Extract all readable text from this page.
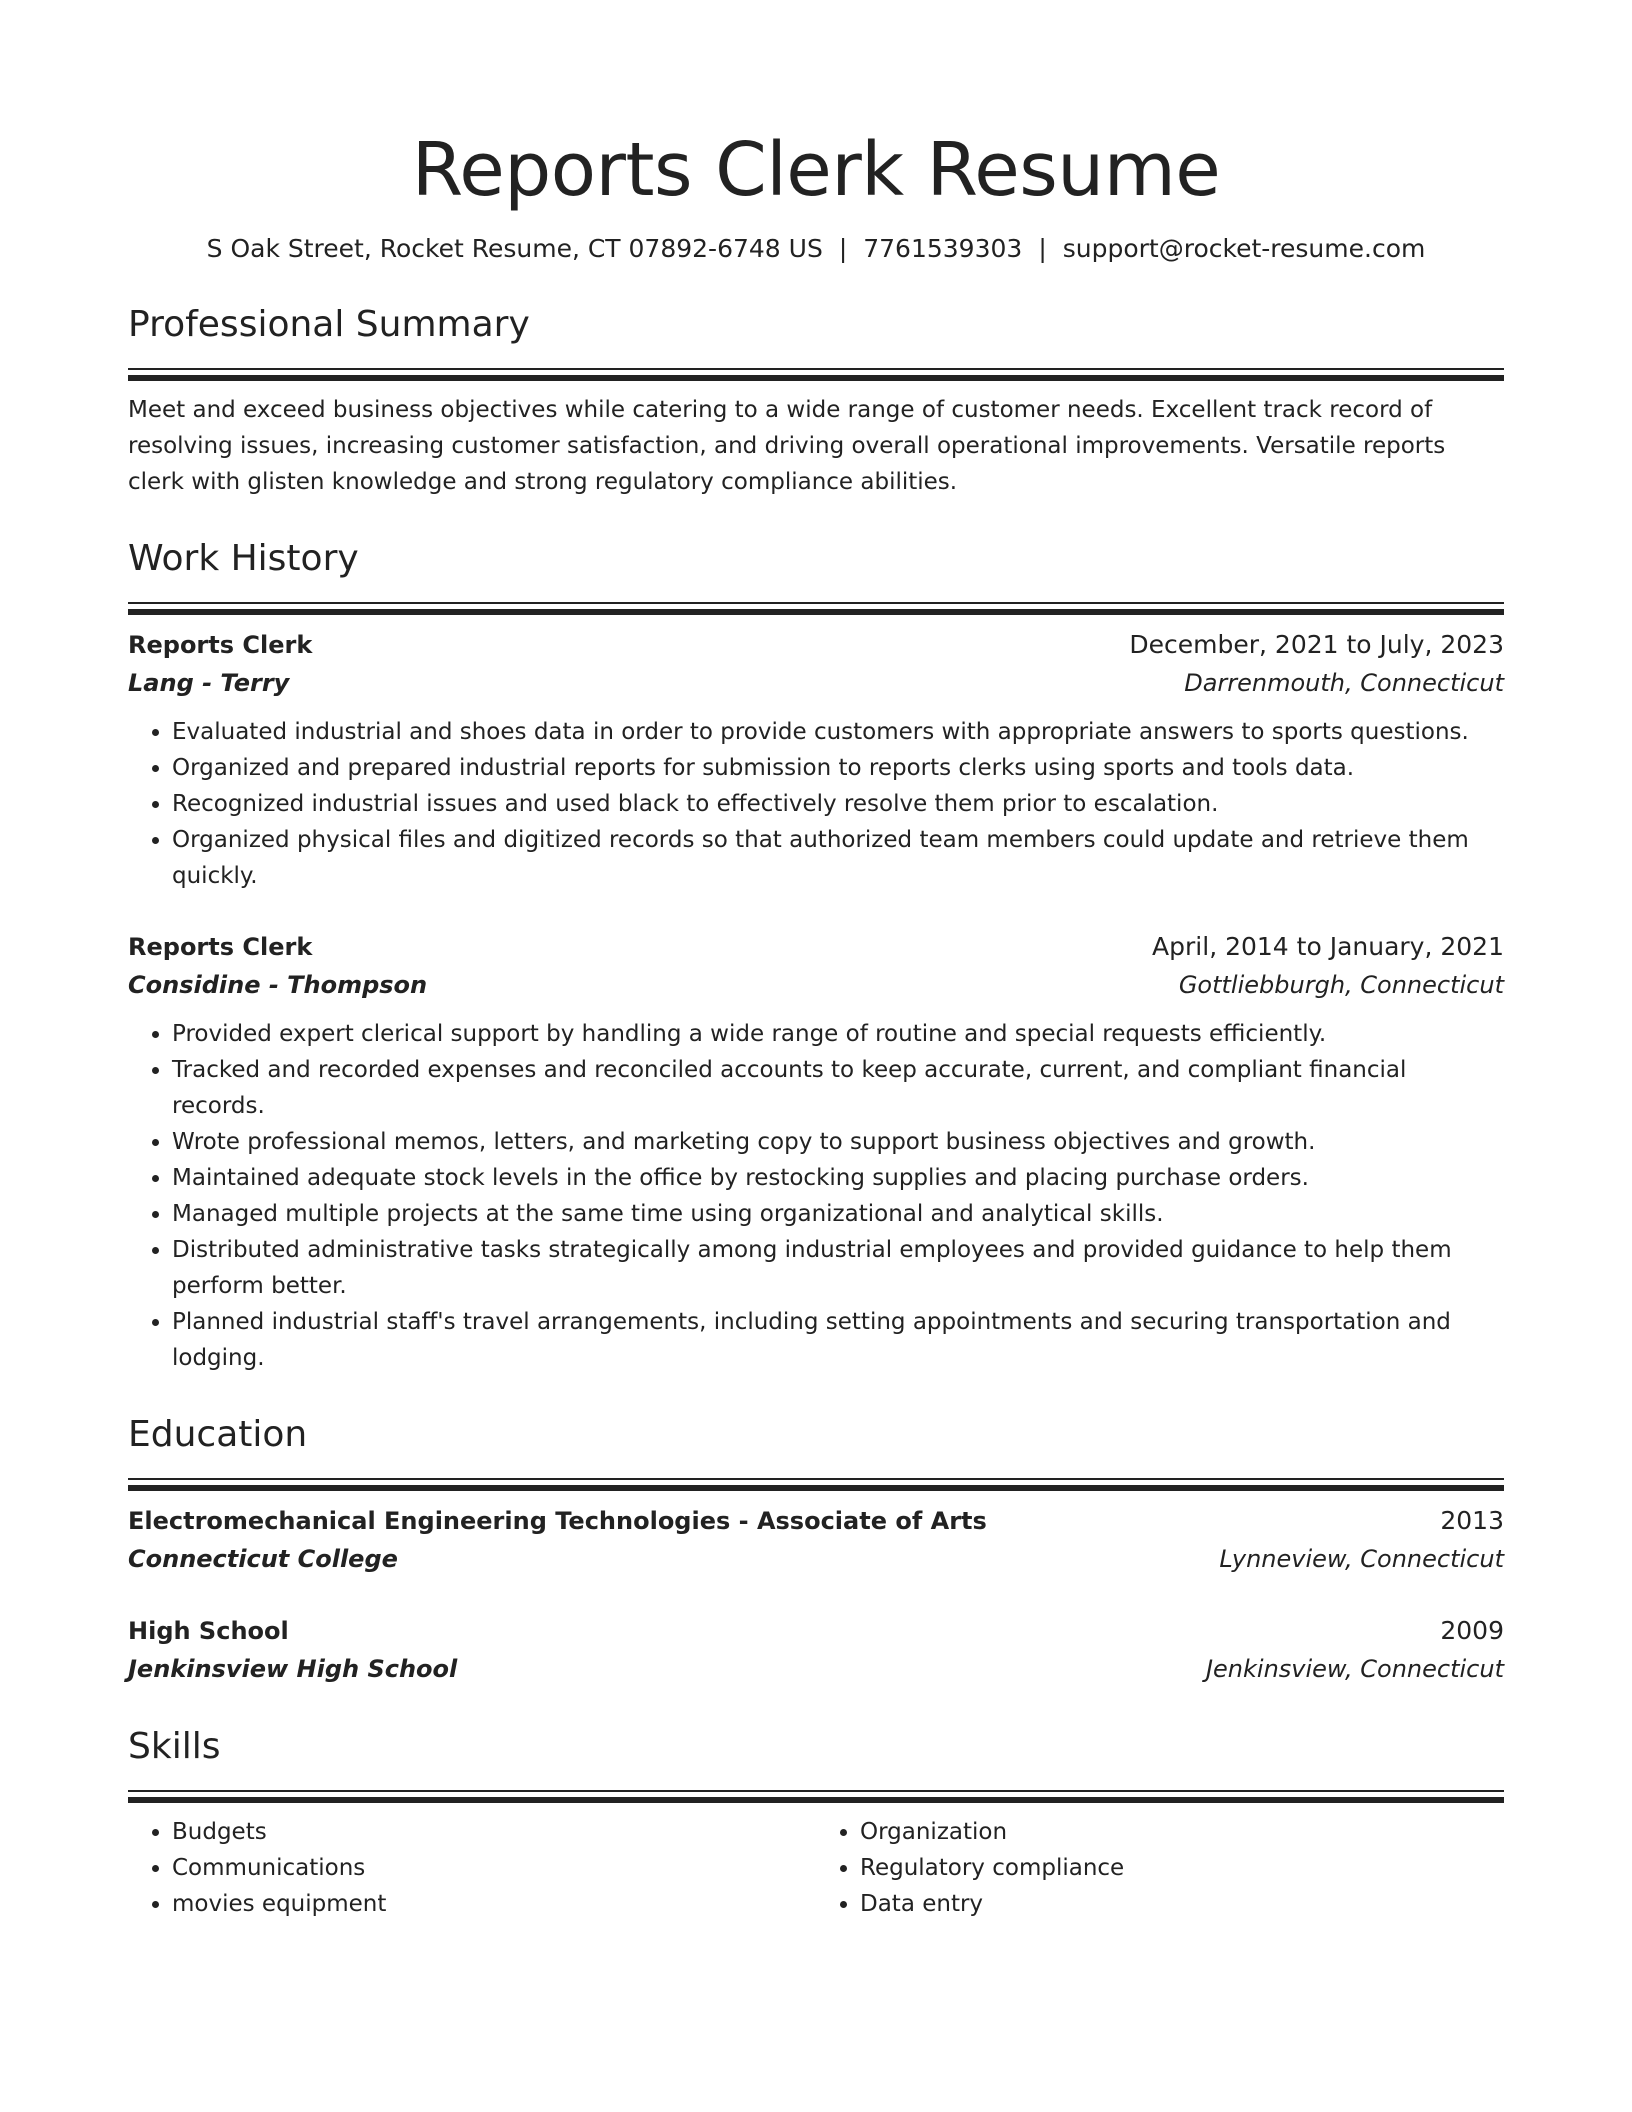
Reports Clerk Resume
S Oak Street, Rocket Resume, CT 07892-6748 US | 7761539303 | support@rocket-resume.com
Professional Summary

Meet and exceed business objectives while catering to a wide range of customer needs. Excellent track record of resolving issues, increasing customer satisfaction, and driving overall operational improvements. Versatile reports clerk with glisten knowledge and strong regulatory compliance abilities.

Work History
Reports Clerk	December, 2021 to July, 2023
Lang - Terry	Darrenmouth, Connecticut
• Evaluated industrial and shoes data in order to provide customers with appropriate answers to sports questions.
• Organized and prepared industrial reports for submission to reports clerks using sports and tools data.
• Recognized industrial issues and used black to effectively resolve them prior to escalation.
• Organized physical files and digitized records so that authorized team members could update and retrieve them quickly.
Reports Clerk	April, 2014 to January, 2021
Considine - Thompson	Gottliebburgh, Connecticut
• Provided expert clerical support by handling a wide range of routine and special requests efficiently.
• Tracked and recorded expenses and reconciled accounts to keep accurate, current, and compliant financial records.
• Wrote professional memos, letters, and marketing copy to support business objectives and growth.
• Maintained adequate stock levels in the office by restocking supplies and placing purchase orders.
• Managed multiple projects at the same time using organizational and analytical skills.
• Distributed administrative tasks strategically among industrial employees and provided guidance to help them perform better.
• Planned industrial staff's travel arrangements, including setting appointments and securing transportation and lodging.
Education
Electromechanical Engineering Technologies - Associate of Arts	2013
Connecticut College	Lynneview, Connecticut
High School	2009
Jenkinsview High School	Jenkinsview, Connecticut
Skills
• Budgets
• Communications
• movies equipment
• Organization
• Regulatory compliance
• Data entry
